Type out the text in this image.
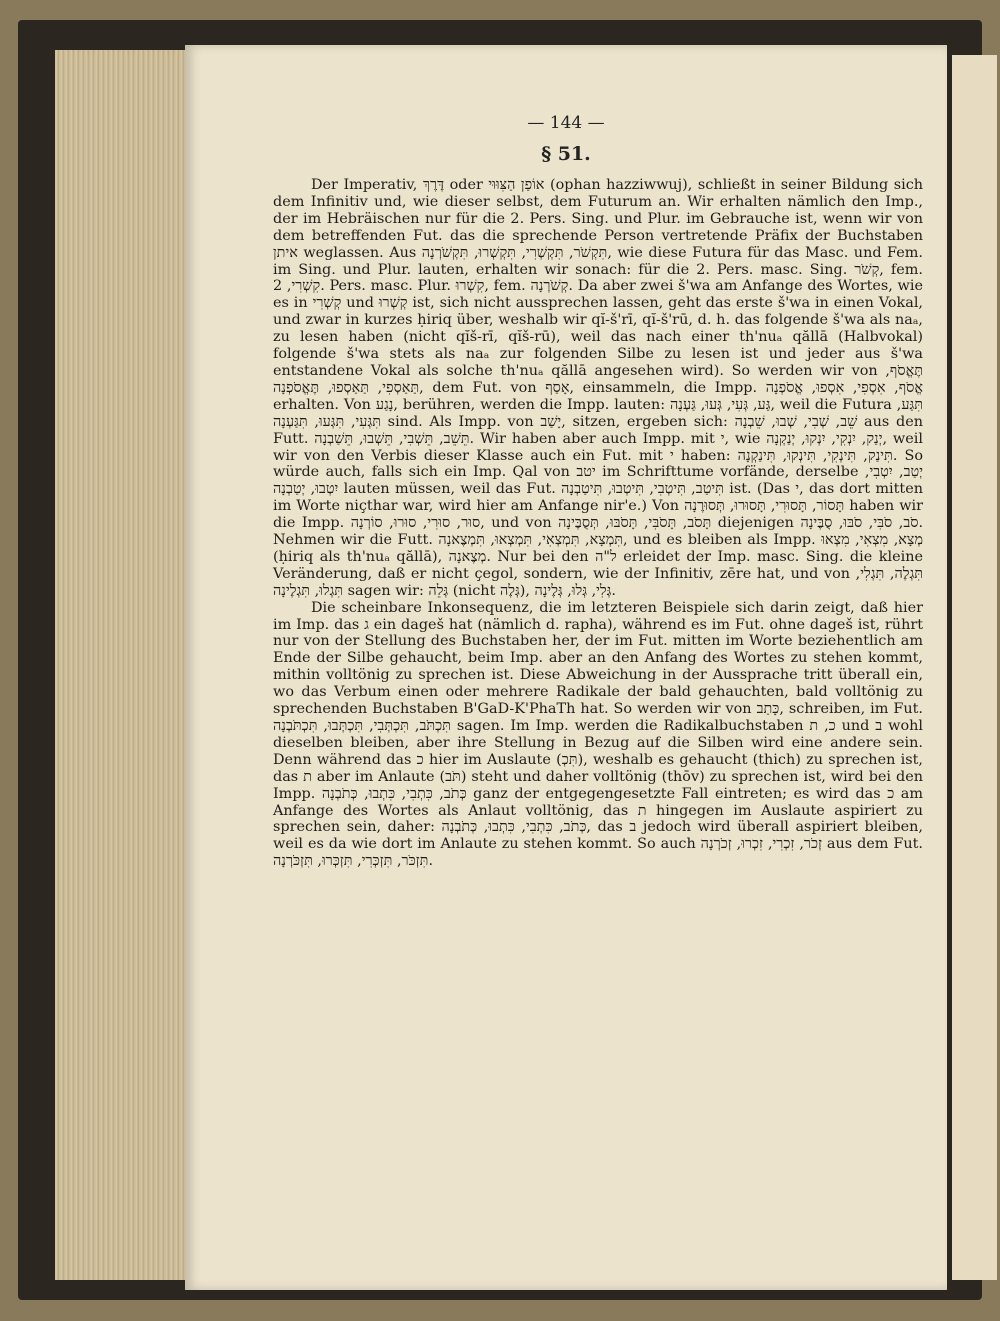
— 144 —
§ 51.

Der Imperativ, דֶּרֶךְ oder אוֹפַן הַצִּוּוּי (ophan hazziwwuj), schließt in seiner Bildung sich dem Infinitiv und, wie dieser selbst, dem Futurum an. Wir erhalten nämlich den Imp., der im Hebräischen nur für die 2. Pers. Sing. und Plur. im Gebrauche ist, wenn wir von dem betreffenden Fut. das die sprechende Person vertretende Präfix der Buchstaben איתן weglassen. Aus תִּקְשֹׁר, תִּקְשְׁרִי, תִּקְשְׁרוּ, תִּקְשֹׁרְנָה, wie diese Futura für das Masc. und Fem. im Sing. und Plur. lauten, erhalten wir sonach: für die 2. Pers. masc. Sing. קְשֹׁר, fem. קִשְׁרִי, 2. Pers. masc. Plur. קִשְׁרוּ, fem. קְשֹׁרְנָה. Da aber zwei š'wa am Anfange des Wortes, wie es in קְשְׁרִי und קְשְׁרוּ ist, sich nicht aussprechen lassen, geht das erste š'wa in einen Vokal, und zwar in kurzes ḥiriq über, weshalb wir qĭ-š'rī, qĭ-š'rū, d. h. das folgende š'wa als naₐ, zu lesen haben (nicht qĭš-rī, qĭš-rū), weil das nach einer th'nuₐ qăllā (Halbvokal) folgende š'wa stets als naₐ zur folgenden Silbe zu lesen ist und jeder aus š'wa entstandene Vokal als solche th'nuₐ qăllā angesehen wird). So werden wir von תֶּאֱסֹף, תַּאַסְפִי, תַּאַסְפוּ, תֶּאֱסֹפְנָה, dem Fut. von אָסַף, einsammeln, die Impp. אֱסֹף, אִסְפִי, אִסְפוּ, אֱסֹפְנָה erhalten. Von נָגַע, berühren, werden die Impp. lauten: גַּע, גְּעִי, גְּעוּ, גַּעְנָה, weil die Futura תִּגַּע, תִּגְּעִי, תִּגְּעוּ, תִּגַּעְנָה sind. Als Impp. von יָשַׁב, sitzen, ergeben sich: שֵׁב, שְׁבִי, שְׁבוּ, שֵׁבְנָה aus den Futt. תֵּשֵׁב, תֵּשְׁבִי, תֵּשְׁבוּ, תֵּשַׁבְנָה. Wir haben aber auch Impp. mit י, wie יְנַק, יִנְקִי, יִנְקוּ, יְנַקְנָה, weil wir von den Verbis dieser Klasse auch ein Fut. mit י haben: תִּינַק, תִּינְקִי, תִּינְקוּ, תִּינַקְנָה. So würde auch, falls sich ein Imp. Qal von יטב im Schrifttume vorfände, derselbe יְטַב, יִטְבִי, יִטְבוּ, יְטַבְנָה lauten müssen, weil das Fut. תִּיטַב, תִּיטְבִי, תִּיטְבוּ, תִּיטַבְנָה ist. (Das י, das dort mitten im Worte niçthar war, wird hier am Anfange nir'e.) Von תָּסוֹר, תָּסוּרִי, תָּסוּרוּ, תְּסוּרֶנָה haben wir die Impp. סוּר, סוּרִי, סוּרוּ, סוֹרְנָה, und von תָּסֹב, תָּסֹבִּי, תָּסֹבּוּ, תְּסֻבֶּינָה diejenigen סֹב, סֹבִּי, סֹבּוּ, סֻבֶּינָה. Nehmen wir die Futt. תִּמְצָא, תִּמְצְאִי, תִּמְצְאוּ, תִּמְצֶאנָה, und es bleiben als Impp. מְצָא, מִצְאִי, מִצְאוּ (ḥiriq als th'nuₐ qăllā), מְצֶאנָה. Nur bei den ל"ה erleidet der Imp. masc. Sing. die kleine Veränderung, daß er nicht çegol, sondern, wie der Infinitiv, zēre hat, und von תִּגְלֶה, תִּגְלִי, תִּגְלוּ, תִּגְלֶינָה sagen wir: גְּלֵה (nicht גְּלֶה), גְּלִי, גְּלוּ, גְּלֶינָה.

Die scheinbare Inkonsequenz, die im letzteren Beispiele sich darin zeigt, daß hier im Imp. das ג ein dageš hat (nämlich d. rapha), während es im Fut. ohne dageš ist, rührt nur von der Stellung des Buchstaben her, der im Fut. mitten im Worte beziehentlich am Ende der Silbe gehaucht, beim Imp. aber an den Anfang des Wortes zu stehen kommt, mithin volltönig zu sprechen ist. Diese Abweichung in der Aussprache tritt überall ein, wo das Verbum einen oder mehrere Radikale der bald gehauchten, bald volltönig zu sprechenden Buchstaben B'GaD-K'PhaTh hat. So werden wir von כָּתַב, schreiben, im Fut. תִּכְתֹּב, תִּכְתְּבִי, תִּכְתְּבוּ, תִּכְתֹּבְנָה sagen. Im Imp. werden die Radikalbuchstaben כ, ת und ב wohl dieselben bleiben, aber ihre Stellung in Bezug auf die Silben wird eine andere sein. Denn während das כ hier im Auslaute (תִּכְ), weshalb es gehaucht (thich) zu sprechen ist, das ת aber im Anlaute (תֹּב) steht und daher volltönig (thōv) zu sprechen ist, wird bei den Impp. כְּתֹב, כִּתְבִי, כִּתְבוּ, כְּתֹבְנָה ganz der entgegengesetzte Fall eintreten; es wird das כ am Anfange des Wortes als Anlaut volltönig, das ת hingegen im Auslaute aspiriert zu sprechen sein, daher: כְּתֹב, כִּתְבִי, כִּתְבוּ, כְּתֹבְנָה, das ב jedoch wird überall aspiriert bleiben, weil es da wie dort im Anlaute zu stehen kommt. So auch זְכֹר, זִכְרִי, זִכְרוּ, זְכֹרְנָה aus dem Fut. תִּזְכֹּר, תִּזְכְּרִי, תִּזְכְּרוּ, תִּזְכֹּרְנָה.
